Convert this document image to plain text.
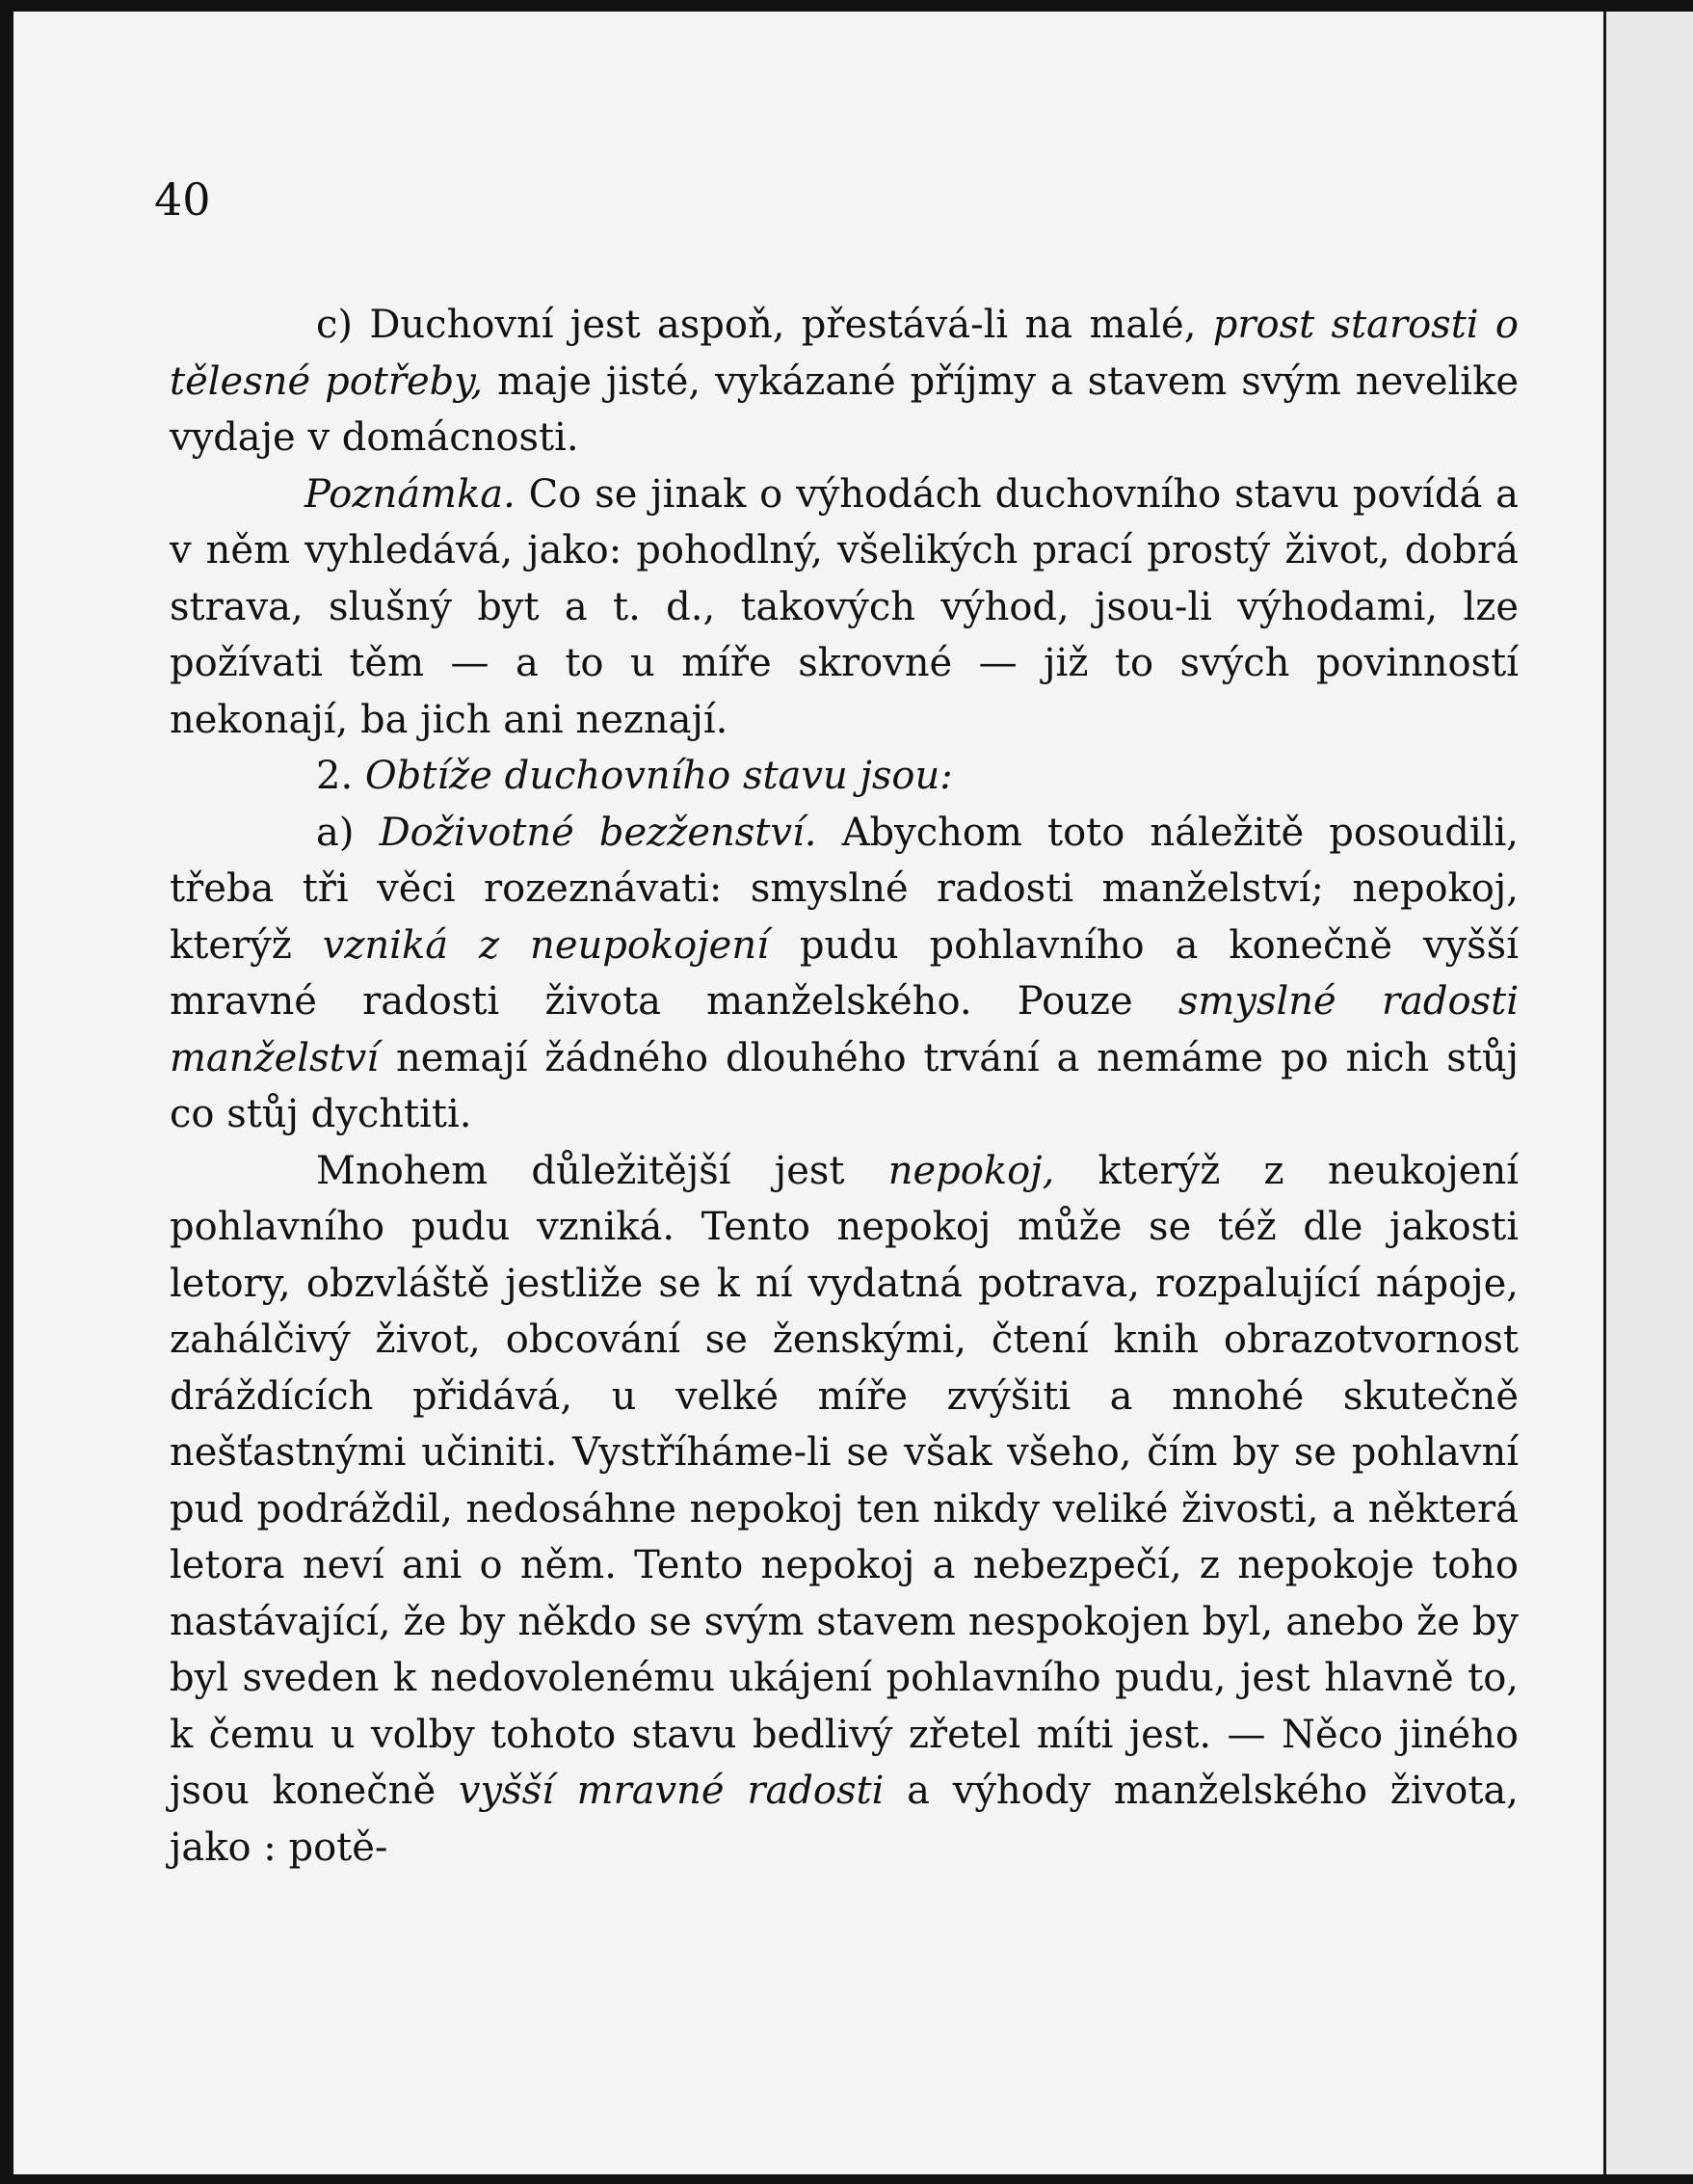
40

c) Duchovní jest aspoň, přestává-li na malé, prost starosti o tělesné potřeby, maje jisté, vykázané příjmy a stavem svým nevelike vydaje v domácnosti.

Poznámka. Co se jinak o výhodách duchovního stavu povídá a v něm vyhledává, jako: pohodlný, všelikých prací prostý život, dobrá strava, slušný byt a t. d., takových výhod, jsou-li výhodami, lze požívati těm — a to u míře skrovné — již to svých povinností nekonají, ba jich ani neznají.

2. Obtíže duchovního stavu jsou:

a) Doživotné bezženství. Abychom toto náležitě posoudili, třeba tři věci rozeznávati: smyslné radosti manželství; nepokoj, kterýž vzniká z neupokojení pudu pohlavního a konečně vyšší mravné radosti života manželského. Pouze smyslné radosti manželství nemají žádného dlouhého trvání a nemáme po nich stůj co stůj dychtiti.

Mnohem důležitější jest nepokoj, kterýž z neukojení pohlavního pudu vzniká. Tento nepokoj může se též dle jakosti letory, obzvláště jestliže se k ní vydatná potrava, rozpalující nápoje, zahálčivý život, obcování se ženskými, čtení knih obrazotvornost dráždících přidává, u velké míře zvýšiti a mnohé skutečně nešťastnými učiniti. Vystříháme-li se však všeho, čím by se pohlavní pud podráždil, nedosáhne nepokoj ten nikdy veliké živosti, a některá letora neví ani o něm. Tento nepokoj a nebezpečí, z nepokoje toho nastávající, že by někdo se svým stavem nespokojen byl, anebo že by byl sveden k nedovolenému ukájení pohlavního pudu, jest hlavně to, k čemu u volby tohoto stavu bedlivý zřetel míti jest. — Něco jiného jsou konečně vyšší mravné radosti a výhody manželského života, jako : potě-
